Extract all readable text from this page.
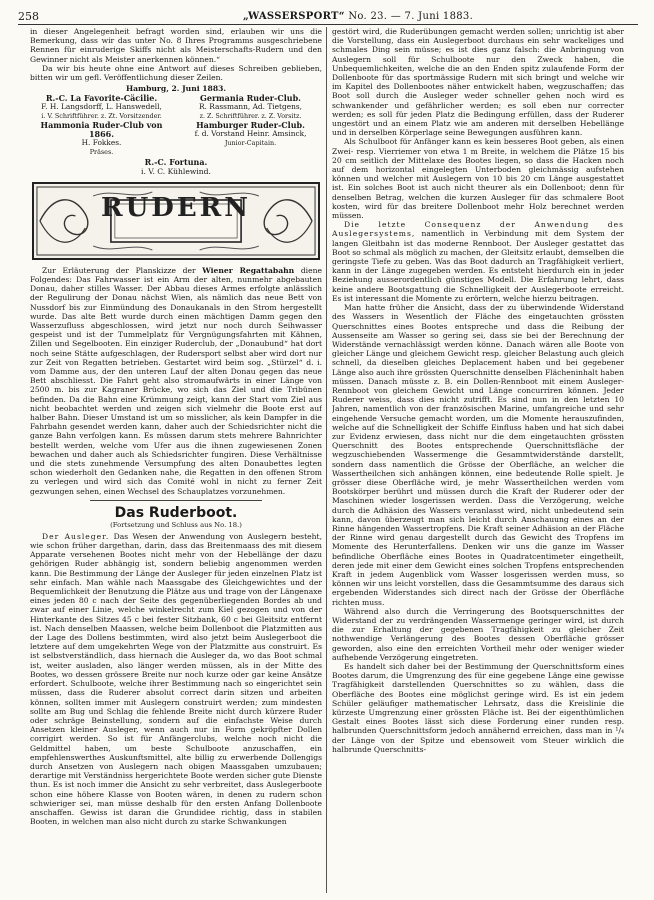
258	„WASSERSPORT“ No. 23. — 7. Juni 1883.

in dieser Angelegenheit befragt worden sind, erlauben wir uns die Bemerkung, dass wir das unter No. 8 Ihres Programms ausgeschriebene Rennen für einruderige Skiffs nicht als Meisterschafts-Rudern und den Gewinner nicht als Meister anerkennen können.“

Da wir bis heute ohne eine Antwort auf dieses Schreiben geblieben, bitten wir um gefl. Veröffentlichung dieser Zeilen.

Hamburg, 2. Juni 1883.
R.-C. La Favorite-Cäcilie.
F. H. Langsdorff, L. Hanswedell,
i. V. Schriftführer. z. Zt. Vorsitzender.
Germania Ruder-Club.
R. Rassmann, Ad. Tietgens,
z. Z. Schriftführer. z. Z. Vorsitz.
Hammonia Ruder-Club von 1866.
H. Fokkes.
Präses.
Hamburger Ruder-Club.
f. d. Vorstand Heinr. Amsinck,
Junior-Capitain.
R.-C. Fortuna.
i. V. C. Kühlewind.
RUDERN

Zur Erläuterung der Planskizze der Wiener Regattabahn diene Folgendes: Das Fahrwasser ist ein Arm der alten, nunmehr abgebauten Donau, daher stilles Wasser. Der Abbau dieses Armes erfolgte anlässlich der Regulirung der Donau nächst Wien, als nämlich das neue Bett von Nussdorf bis zur Einmündung des Donaukanals in den Strom hergestellt wurde. Das alte Bett wurde durch einen mächtigen Damm gegen den Wasserzufluss abgeschlossen, wird jetzt nur noch durch Seihwasser gespeist und ist der Tummelplatz für Vergnügungsfahrten mit Kähnen, Zillen und Segelbooten. Ein einziger Ruderclub, der „Donaubund“ hat dort noch seine Stätte aufgeschlagen, der Rudersport selbst aber wird dort nur zur Zeit von Regatten betrieben. Gestartet wird beim sog. „Stürzel“ d. i. vom Damme aus, der den unteren Lauf der alten Donau gegen das neue Bett abschliesst. Die Fahrt geht also stromaufwärts in einer Länge von 2500 m. bis zur Kagraner Brücke, wo sich das Ziel und die Tribünen befinden. Da die Bahn eine Krümmung zeigt, kann der Start vom Ziel aus nicht beobachtet werden und zeigen sich vielmehr die Boote erst auf halber Bahn. Dieser Umstand ist um so misslicher, als kein Dampfer in die Fahrbahn gesendet werden kann, daher auch der Schiedsrichter nicht die ganze Bahn verfolgen kann. Es müssen darum stets mehrere Bahnrichter bestellt werden, welche vom Ufer aus die ihnen zugewiesenen Zonen bewachen und daher auch als Schiedsrichter fungiren. Diese Verhältnisse und die stets zunehmende Versumpfung des alten Donaubettes legten schon wiederholt den Gedanken nahe, die Regatten in den offenen Strom zu verlegen und wird sich das Comité wohl in nicht zu ferner Zeit gezwungen sehen, einen Wechsel des Schauplatzes vorzunehmen.

Das Ruderboot.
(Fortsetzung und Schluss aus No. 18.)

Der Ausleger. Das Wesen der Anwendung von Auslegern besteht, wie schon früher dargethan, darin, dass das Breitenmaass des mit diesem Apparate versehenen Bootes nicht mehr von der Hebellänge der dazu gehörigen Ruder abhängig ist, sondern beliebig angenommen werden kann. Die Bestimmung der Länge der Ausleger für jeden einzelnen Platz ist sehr einfach. Man wähle nach Maassgabe des Gleichgewichtes und der Bequemlichkeit der Benutzung die Plätze aus und trage von der Längenaxe eines jeden 80 c nach der Seite des gegenüberliegenden Bordes ab und zwar auf einer Linie, welche winkelrecht zum Kiel gezogen und von der Hinterkante des Sitzes 45 c bei fester Sitzbank, 60 c bei Gleitsitz entfernt ist. Nach denselben Maassen, welche beim Dollenboot die Platzmitten aus der Lage des Dollens bestimmten, wird also jetzt beim Auslegerboot die letztere auf dem umgekehrten Wege von der Platzmitte aus construirt. Es ist selbstverständlich, dass hiernach die Ausleger da, wo das Boot schmal ist, weiter ausladen, also länger werden müssen, als in der Mitte des Bootes, wo dessen grössere Breite nur noch kurze oder gar keine Ansätze erfordert. Schulboote, welche ihrer Bestimmung nach so eingerichtet sein müssen, dass die Ruderer absolut correct darin sitzen und arbeiten können, sollten immer mit Auslegern construirt werden; zum mindesten sollte am Bug und Schlag die fehlende Breite nicht durch kürzere Ruder oder schräge Beinstellung, sondern auf die einfachste Weise durch Ansetzen kleiner Ausleger, wenn auch nur in Form gekröpfter Dollen corrigirt werden. So ist für Anfängerclubs, welche noch nicht die Geldmittel haben, um beste Schulboote anzuschaffen, ein empfehlenswerthes Auskunftsmittel, alte billig zu erwerbende Dollengigs durch Ansetzen von Auslegern nach obigen Maassgaben umzubauen; derartige mit Verständniss hergerichtete Boote werden sicher gute Dienste thun. Es ist noch immer die Ansicht zu sehr verbreitet, dass Auslegerboote schon eine höhere Klasse von Booten wären, in denen zu rudern schon schwieriger sei, man müsse deshalb für den ersten Anfang Dollenboote anschaffen. Gewiss ist daran die Grundidee richtig, dass in stabilen Booten, in welchen man also nicht durch zu starke Schwankungen

gestört wird, die Ruderübungen gemacht werden sollen; unrichtig ist aber die Vorstellung, dass ein Auslegerboot durchaus ein sehr wackeliges und schmales Ding sein müsse; es ist dies ganz falsch: die Anbringung von Auslegern soll für Schulboote nur den Zweck haben, die Unbequemlichkeiten, welche die an den Enden spitz zulaufende Form der Dollenboote für das sportmässige Rudern mit sich bringt und welche wir im Kapitel des Dollenbootes näher entwickelt haben, wegzuschaffen; das Boot soll durch die Ausleger weder schneller gehen noch wird es schwankender und gefährlicher werden; es soll eben nur correcter werden; es soll für jeden Platz die Bedingung erfüllen, dass der Ruderer ungestört und an einem Platz wie am anderen mit derselben Hebellänge und in derselben Körperlage seine Bewegungen ausführen kann.

Als Schulboot für Anfänger kann es kein besseres Boot geben, als einen Zwei- resp. Vierriemer von etwa 1 m Breite, in welchem die Plätze 15 bis 20 cm seitlich der Mittelaxe des Bootes liegen, so dass die Hacken noch auf dem horizontal eingelegten Unterboden gleichmässig aufstehen können und welcher mit Auslegern von 10 bis 20 cm Länge ausgestattet ist. Ein solches Boot ist auch nicht theurer als ein Dollenboot; denn für denselben Betrag, welchen die kurzen Ausleger für das schmalere Boot kosten, wird für das breitere Dollenboot mehr Holz berechnet werden müssen.

Die letzte Consequenz der Anwendung des Auslegersystems, namentlich in Verbindung mit dem System der langen Gleitbahn ist das moderne Rennboot. Der Ausleger gestattet das Boot so schmal als möglich zu machen, der Gleitsitz erlaubt, demselben die geringste Tiefe zu geben. Was das Boot dadurch an Tragfähigkeit verliert, kann in der Länge zugegeben werden. Es entsteht hierdurch ein in jeder Beziehung ausserordentlich günstiges Modell. Die Erfahrung lehrt, dass keine andere Bootsgattung die Schnelligkeit der Auslegerboote erreicht. Es ist interessant die Momente zu erörtern, welche hierzu beitragen.

Man hatte früher die Ansicht, dass der zu überwindende Widerstand des Wassers in Wesentlich der Fläche des eingetauchten grössten Querschnittes eines Bootes entspreche und dass die Reibung der Aussenseite am Wasser so gering sei, dass sie bei der Berechnung der Widerstände vernachlässigt werden könne. Danach wären alle Boote von gleicher Länge und gleichem Gewicht resp. gleicher Belastung auch gleich schnell, da dieselben gleiches Deplacement haben und bei gegebener Länge also auch ihre grössten Querschnitte denselben Flächeninhalt haben müssen. Danach müsste z. B. ein Dollen-Rennboot mit einem Ausleger-Rennboot von gleichem Gewicht und Länge concurriren können. Jeder Ruderer weiss, dass dies nicht zutrifft. Es sind nun in den letzten 10 Jahren, namentlich von der französischen Marine, umfangreiche und sehr eingehende Versuche gemacht worden, um die Momente herauszufinden, welche auf die Schnelligkeit der Schiffe Einfluss haben und hat sich dabei zur Evidenz erwiesen, dass nicht nur die dem eingetauchten grössten Querschnitt des Bootes entsprechende Querschnittsfläche der wegzuschiebenden Wassermenge die Gesammtwiderstände darstellt, sondern dass namentlich die Grösse der Oberfläche, an welcher die Wassertheilchen sich anhängen können, eine bedeutende Rolle spielt. Je grösser diese Oberfläche wird, je mehr Wassertheilchen werden vom Bootskörper berührt und müssen durch die Kraft der Ruderer oder der Maschinen wieder losgerissen werden. Dass die Verzögerung, welche durch die Adhäsion des Wassers veranlasst wird, nicht unbedeutend sein kann, davon überzeugt man sich leicht durch Anschauung eines an der Rinne hängenden Wassertropfens. Die Kraft seiner Adhäsion an der Fläche der Rinne wird genau dargestellt durch das Gewicht des Tropfens im Momente des Herunterfallens. Denken wir uns die ganze im Wasser befindliche Oberfläche eines Bootes in Quadratcentimeter eingetheilt, deren jede mit einer dem Gewicht eines solchen Tropfens entsprechenden Kraft in jedem Augenblick vom Wasser losgerissen werden muss, so können wir uns leicht vorstellen, dass die Gesammtsumme des daraus sich ergebenden Widerstandes sich direct nach der Grösse der Oberfläche richten muss.

Während also durch die Verringerung des Bootsquerschnittes der Widerstand der zu verdrängenden Wassermenge geringer wird, ist durch die zur Erhaltung der gegebenen Tragfähigkeit zu gleicher Zeit nothwendige Verlängerung des Bootes dessen Oberfläche grösser geworden, also eine den erreichten Vortheil mehr oder weniger wieder aufhebende Verzögerung eingetreten.

Es handelt sich daher bei der Bestimmung der Querschnittsform eines Bootes darum, die Umgrenzung des für eine gegebene Länge eine gewisse Tragfähigkeit darstellenden Querschnittes so zu wählen, dass die Oberfläche des Bootes eine möglichst geringe wird. Es ist ein jedem Schüler geläufiger mathematischer Lehrsatz, dass die Kreislinie die kürzeste Umgrenzung einer grössten Fläche ist. Bei der eigenthümlichen Gestalt eines Bootes lässt sich diese Forderung einer runden resp. halbrunden Querschnittsform jedoch annähernd erreichen, dass man in ¹/₄ der Länge von der Spitze und ebensoweit vom Steuer wirklich die halbrunde Querschnitts-
